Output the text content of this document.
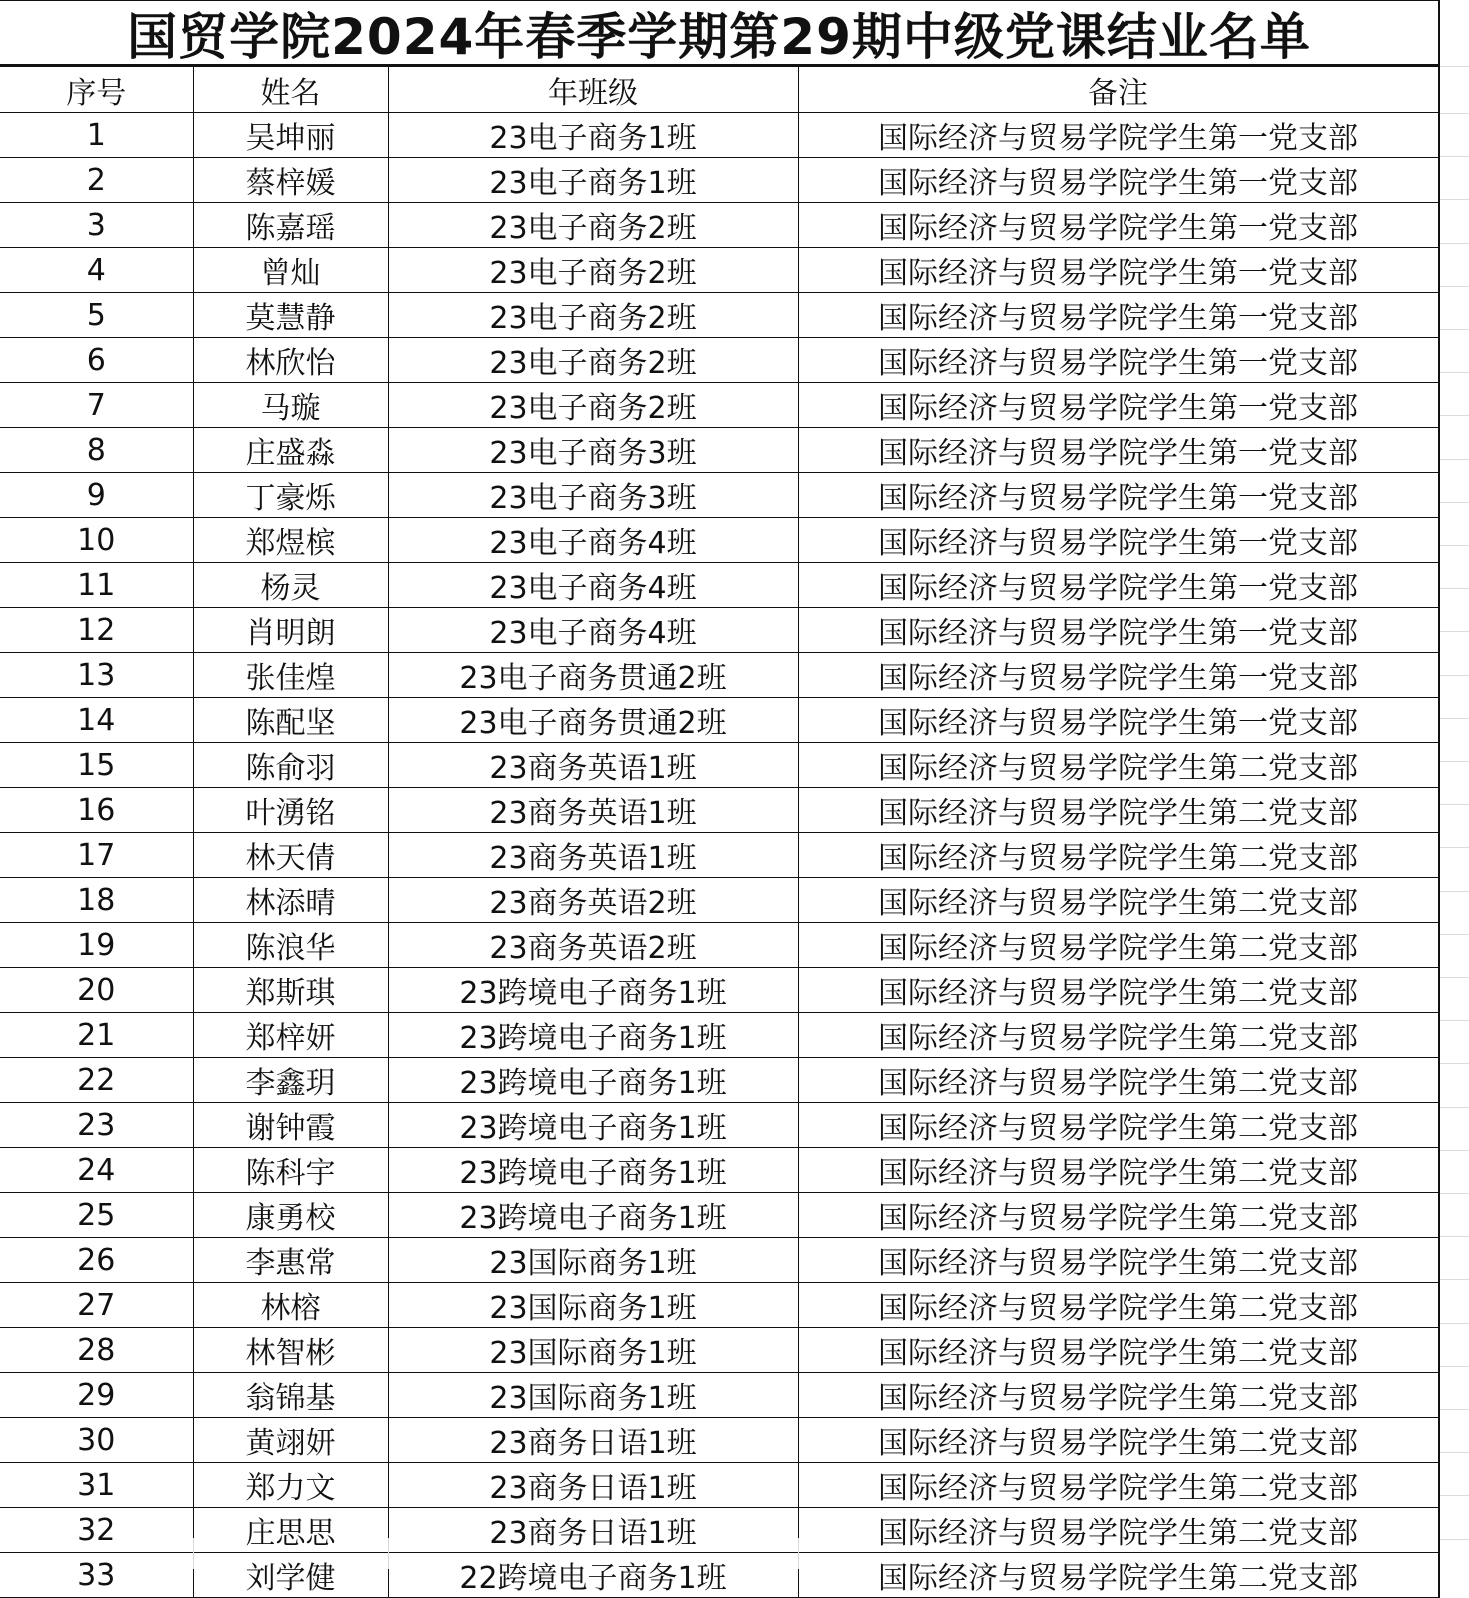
国贸学院2024年春季学期第29期中级党课结业名单
序号	姓名	年班级	备注
1	吴坤丽	23电子商务1班	国际经济与贸易学院学生第一党支部
2	蔡梓媛	23电子商务1班	国际经济与贸易学院学生第一党支部
3	陈嘉瑶	23电子商务2班	国际经济与贸易学院学生第一党支部
4	曾灿	23电子商务2班	国际经济与贸易学院学生第一党支部
5	莫慧静	23电子商务2班	国际经济与贸易学院学生第一党支部
6	林欣怡	23电子商务2班	国际经济与贸易学院学生第一党支部
7	马璇	23电子商务2班	国际经济与贸易学院学生第一党支部
8	庄盛淼	23电子商务3班	国际经济与贸易学院学生第一党支部
9	丁豪烁	23电子商务3班	国际经济与贸易学院学生第一党支部
10	郑煜槟	23电子商务4班	国际经济与贸易学院学生第一党支部
11	杨灵	23电子商务4班	国际经济与贸易学院学生第一党支部
12	肖明朗	23电子商务4班	国际经济与贸易学院学生第一党支部
13	张佳煌	23电子商务贯通2班	国际经济与贸易学院学生第一党支部
14	陈配坚	23电子商务贯通2班	国际经济与贸易学院学生第一党支部
15	陈俞羽	23商务英语1班	国际经济与贸易学院学生第二党支部
16	叶湧铭	23商务英语1班	国际经济与贸易学院学生第二党支部
17	林天倩	23商务英语1班	国际经济与贸易学院学生第二党支部
18	林添晴	23商务英语2班	国际经济与贸易学院学生第二党支部
19	陈浪华	23商务英语2班	国际经济与贸易学院学生第二党支部
20	郑斯琪	23跨境电子商务1班	国际经济与贸易学院学生第二党支部
21	郑梓妍	23跨境电子商务1班	国际经济与贸易学院学生第二党支部
22	李鑫玥	23跨境电子商务1班	国际经济与贸易学院学生第二党支部
23	谢钟霞	23跨境电子商务1班	国际经济与贸易学院学生第二党支部
24	陈科宇	23跨境电子商务1班	国际经济与贸易学院学生第二党支部
25	康勇校	23跨境电子商务1班	国际经济与贸易学院学生第二党支部
26	李惠常	23国际商务1班	国际经济与贸易学院学生第二党支部
27	林榕	23国际商务1班	国际经济与贸易学院学生第二党支部
28	林智彬	23国际商务1班	国际经济与贸易学院学生第二党支部
29	翁锦基	23国际商务1班	国际经济与贸易学院学生第二党支部
30	黄翊妍	23商务日语1班	国际经济与贸易学院学生第二党支部
31	郑力文	23商务日语1班	国际经济与贸易学院学生第二党支部
32	庄思思	23商务日语1班	国际经济与贸易学院学生第二党支部
33	刘学健	22跨境电子商务1班	国际经济与贸易学院学生第二党支部
